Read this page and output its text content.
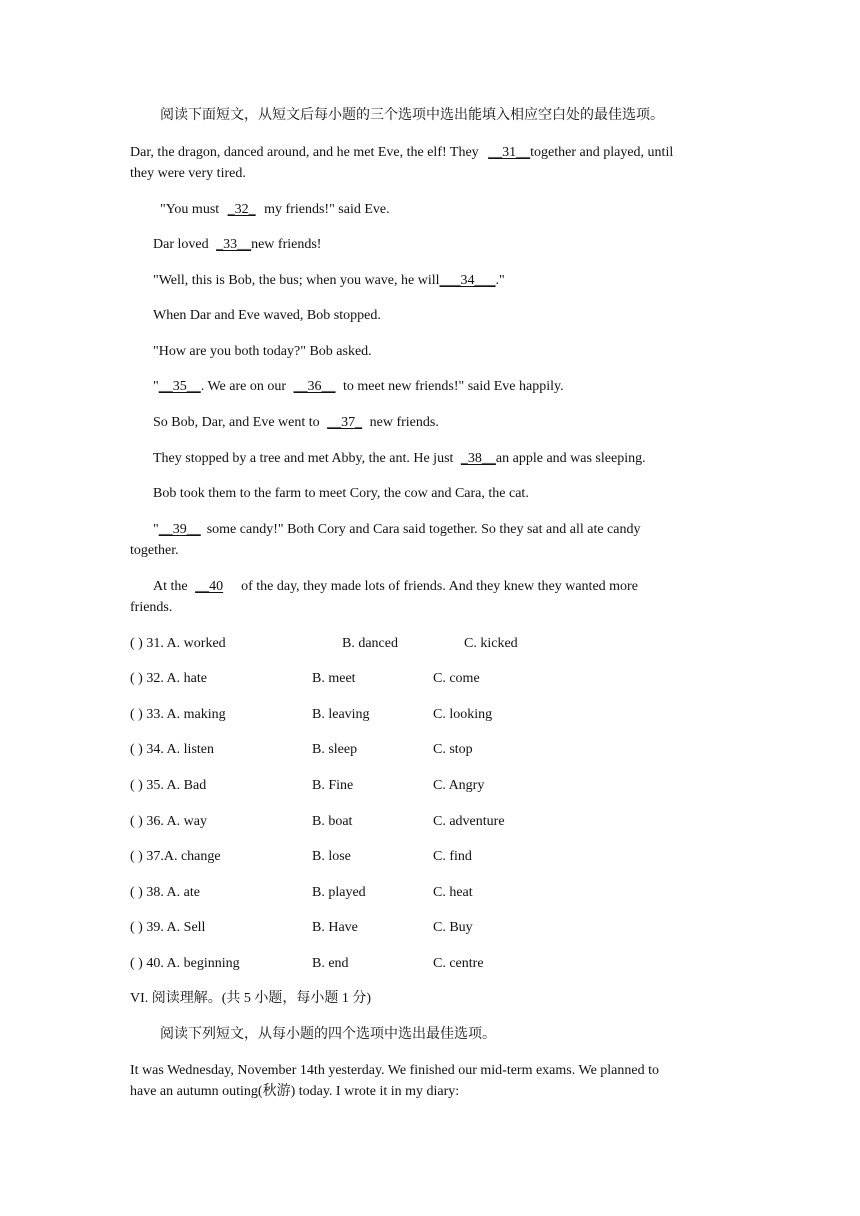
阅读下面短文，从短文后每小题的三个选项中选出能填入相应空白处的最佳选项。
Dar, the dragon, danced around, and he met Eve, the elf! They __31__together and played, until
they were very tired.
"You must _32_ my friends!" said Eve.
Dar loved _33__new friends!
"Well, this is Bob, the bus; when you wave, he will___34___."
When Dar and Eve waved, Bob stopped.
"How are you both today?" Bob asked.
"__35__. We are on our __36__ to meet new friends!" said Eve happily.
So Bob, Dar, and Eve went to __37_ new friends.
They stopped by a tree and met Abby, the ant. He just _38__an apple and was sleeping.
Bob took them to the farm to meet Cory, the cow and Cara, the cat.
"__39__ some candy!" Both Cory and Cara said together. So they sat and all ate candy
together.
At the __40 of the day, they made lots of friends. And they knew they wanted more
friends.
( ) 31. A. worked	B. danced	C. kicked
( ) 32. A. hate	B. meet	C. come
( ) 33. A. making	B. leaving	C. looking
( ) 34. A. listen	B. sleep	C. stop
( ) 35. A. Bad	B. Fine	C. Angry
( ) 36. A. way	B. boat	C. adventure
( ) 37.A. change	B. lose	C. find
( ) 38. A. ate	B. played	C. heat
( ) 39. A. Sell	B. Have	C. Buy
( ) 40. A. beginning	B. end	C. centre
VI. 阅读理解。(共 5 小题，每小题 1 分)
阅读下列短文，从每小题的四个选项中选出最佳选项。
It was Wednesday, November 14th yesterday. We finished our mid-term exams. We planned to
have an autumn outing(秋游) today. I wrote it in my diary:
